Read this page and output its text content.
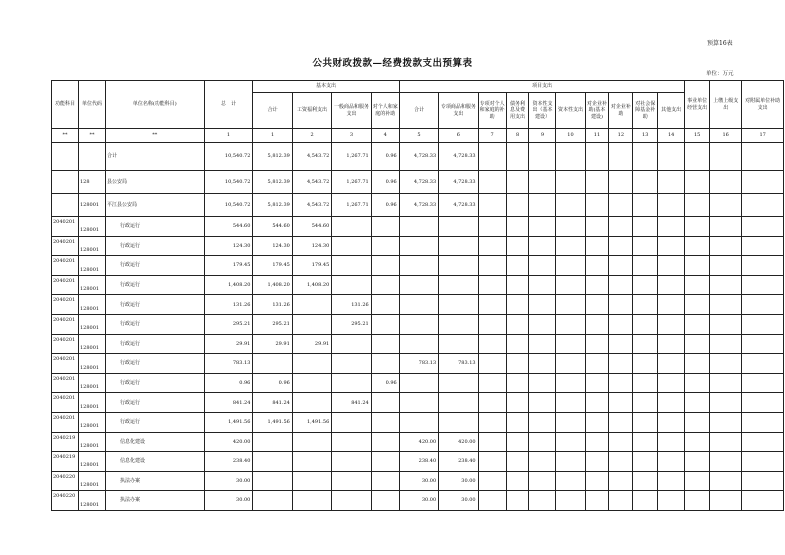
预算16表
公共财政拨款—经费拨款支出预算表
单位：万元
功能科目	单位代码	单位名称(功能科目)	总　计	基本支出				项目支出										事业单位经营支出	上缴上级支出	对附属单位补助支出
				合计	工资福利支出	一般商品和服务支出	对个人和家庭的补助	合计	专项商品和服务支出	专项对个人和家庭的补助	债务利息及费用支出	资本性支出（基本建设）	资本性支出	对企业补助(基本建设)	对企业补助	对社会保障基金补助	其他支出			
**	**	**	1	1	2	3	4	5	6	7	8	9	10	11	12	13	14	15	16	17
		合计	10,540.72	5,812.39	4,543.72	1,267.71	0.96	4,728.33	4,728.33											
	128	县公安局	10,540.72	5,812.39	4,543.72	1,267.71	0.96	4,728.33	4,728.33											
	128001	平江县公安局	10,540.72	5,812.39	4,543.72	1,267.71	0.96	4,728.33	4,728.33											
2040201	128001	行政运行	544.60	544.60	544.60															
2040201	128001	行政运行	124.30	124.30	124.30															
2040201	128001	行政运行	179.45	179.45	179.45															
2040201	128001	行政运行	1,408.20	1,408.20	1,408.20															
2040201	128001	行政运行	131.26	131.26		131.26														
2040201	128001	行政运行	295.21	295.21		295.21														
2040201	128001	行政运行	29.91	29.91	29.91															
2040201	128001	行政运行	783.13					783.13	783.13											
2040201	128001	行政运行	0.96	0.96			0.96													
2040201	128001	行政运行	841.24	841.24		841.24														
2040201	128001	行政运行	1,491.56	1,491.56	1,491.56															
2040219	128001	信息化建设	420.00					420.00	420.00											
2040219	128001	信息化建设	238.40					238.40	238.40											
2040220	128001	执法办案	30.00					30.00	30.00											
2040220	128001	执法办案	30.00					30.00	30.00											
